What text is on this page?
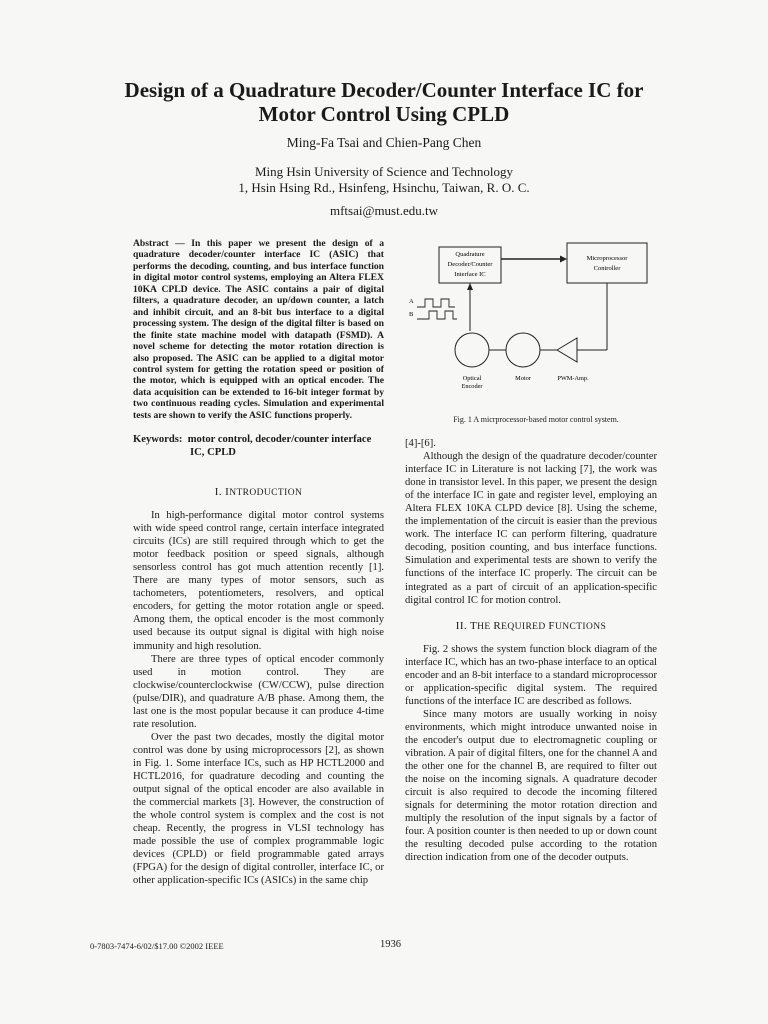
Design of a Quadrature Decoder/Counter Interface IC for Motor Control Using CPLD
Ming-Fa Tsai and Chien-Pang Chen
Ming Hsin University of Science and Technology
1, Hsin Hsing Rd., Hsinfeng, Hsinchu, Taiwan, R. O. C.
mftsai@must.edu.tw
Abstract — In this paper we present the design of a quadrature decoder/counter interface IC (ASIC) that performs the decoding, counting, and bus interface function in digital motor control systems, employing an Altera FLEX 10KA CPLD device. The ASIC contains a pair of digital filters, a quadrature decoder, an up/down counter, a latch and inhibit circuit, and an 8-bit bus interface to a digital processing system. The design of the digital filter is based on the finite state machine model with datapath (FSMD). A novel scheme for detecting the motor rotation direction is also proposed. The ASIC can be applied to a digital motor control system for getting the rotation speed or position of the motor, which is equipped with an optical encoder. The data acquisition can be extended to 16-bit integer format by two continuous reading cycles. Simulation and experimental tests are shown to verify the ASIC functions properly.
Keywords: motor control, decoder/counter interface
IC, CPLD
I. INTRODUCTION

In high-performance digital motor control systems with wide speed control range, certain interface integrated circuits (ICs) are still required through which to get the motor feedback position or speed signals, although sensorless control has got much attention recently [1]. There are many types of motor sensors, such as tachometers, potentiometers, resolvers, and optical encoders, for getting the motor rotation angle or speed. Among them, the optical encoder is the most commonly used because its output signal is digital with high noise immunity and high resolution.

There are three types of optical encoder commonly used in motion control. They are clockwise/counterclockwise (CW/CCW), pulse direction (pulse/DIR), and quadrature A/B phase. Among them, the last one is the most popular because it can produce 4-time rate resolution.

Over the past two decades, mostly the digital motor control was done by using microprocessors [2], as shown in Fig. 1. Some interface ICs, such as HP HCTL2000 and HCTL2016, for quadrature decoding and counting the output signal of the optical encoder are also available in the commercial markets [3]. However, the construction of the whole control system is complex and the cost is not cheap. Recently, the progress in VLSI technology has made possible the use of complex programmable logic devices (CPLD) or field programmable gated arrays (FPGA) for the design of digital controller, interface IC, or other application-specific ICs (ASICs) in the same chip

Quadrature
Decoder/Counter
Interface IC
Microprocessor
Controller
A
B
Optical
Encoder
Motor	PWM-Amp.
Fig. 1 A micrprocessor-based motor control system.

[4]-[6].

Although the design of the quadrature decoder/counter interface IC in Literature is not lacking [7], the work was done in transistor level. In this paper, we present the design of the interface IC in gate and register level, employing an Altera FLEX 10KA CLPD device [8]. Using the scheme, the implementation of the circuit is easier than the previous work. The interface IC can perform filtering, quadrature decoding, position counting, and bus interface functions. Simulation and experimental tests are shown to verify the functions of the interface IC properly. The circuit can be integrated as a part of circuit of an application-specific digital control IC for motion control.

II. THE REQUIRED FUNCTIONS

Fig. 2 shows the system function block diagram of the interface IC, which has an two-phase interface to an optical encoder and an 8-bit interface to a standard microprocessor or application-specific digital system. The required functions of the interface IC are described as follows.

Since many motors are usually working in noisy environments, which might introduce unwanted noise in the encoder's output due to electromagnetic coupling or vibration. A pair of digital filters, one for the channel A and the other one for the channel B, are required to filter out the noise on the incoming signals. A quadrature decoder circuit is also required to decode the incoming filtered signals for determining the motor rotation direction and multiply the resolution of the input signals by a factor of four. A position counter is then needed to up or down count the resulting decoded pulse according to the rotation direction indication from one of the decoder outputs.

0-7803-7474-6/02/$17.00 ©2002 IEEE	1936
